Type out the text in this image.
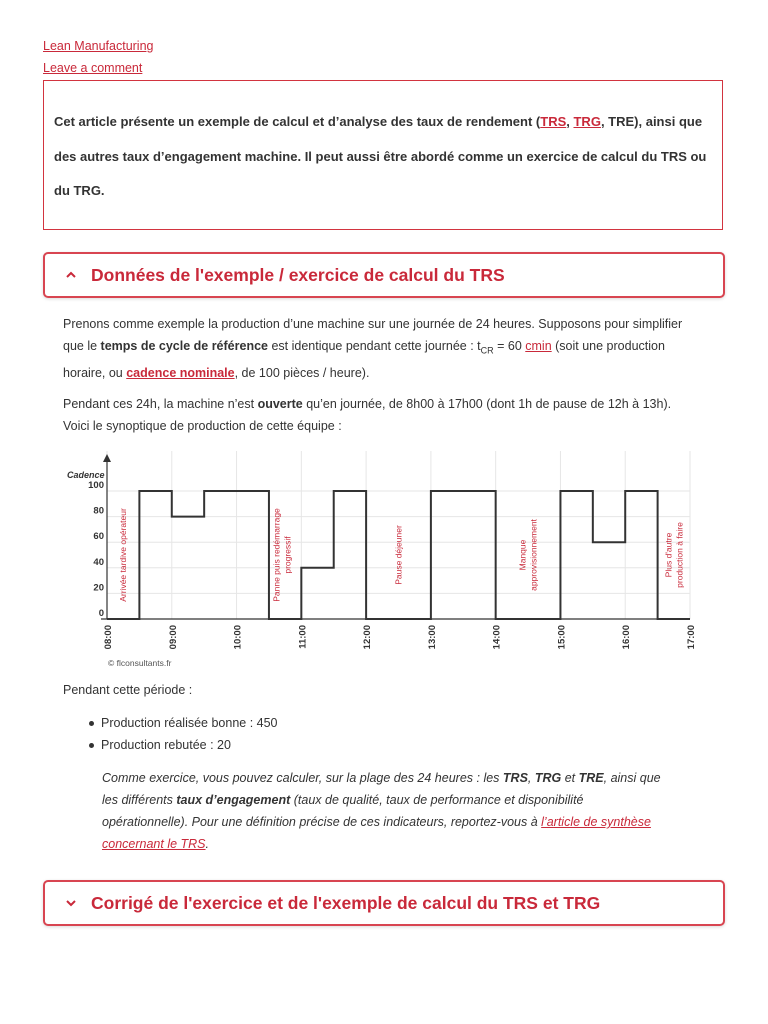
Lean Manufacturing
Leave a comment
Cet article présente un exemple de calcul et d’analyse des taux de rendement (TRS, TRG, TRE), ainsi que des autres taux d’engagement machine. Il peut aussi être abordé comme un exercice de calcul du TRS ou du TRG.
Données de l'exemple / exercice de calcul du TRS
Prenons comme exemple la production d’une machine sur une journée de 24 heures. Supposons pour simplifier que le temps de cycle de référence est identique pendant cette journée : $t_{CR} = 60$ cmin (soit une production horaire, ou cadence nominale, de 100 pièces / heure).
Pendant ces 24h, la machine n’est ouverte qu’en journée, de 8h00 à 17h00 (dont 1h de pause de 12h à 13h).
Voici le synoptique de production de cette équipe :
Cadence
0
20
40
60
80
100
08:00	09:00	10:00	11:00	12:00	13:00	14:00	15:00	16:00	17:00
Arrivée tardive opérateur	Panne puis redémarrage progressif	Pause déjeuner	Manque approvisionnement	Plus d'autre production à faire
© flconsultants.fr
Pendant cette période :
Production réalisée bonne : 450
Production rebutée : 20
Comme exercice, vous pouvez calculer, sur la plage des 24 heures : les TRS, TRG et TRE, ainsi que les différents taux d’engagement (taux de qualité, taux de performance et disponibilité opérationnelle). Pour une définition précise de ces indicateurs, reportez-vous à l’article de synthèse concernant le TRS.
Corrigé de l'exercice et de l'exemple de calcul du TRS et TRG
